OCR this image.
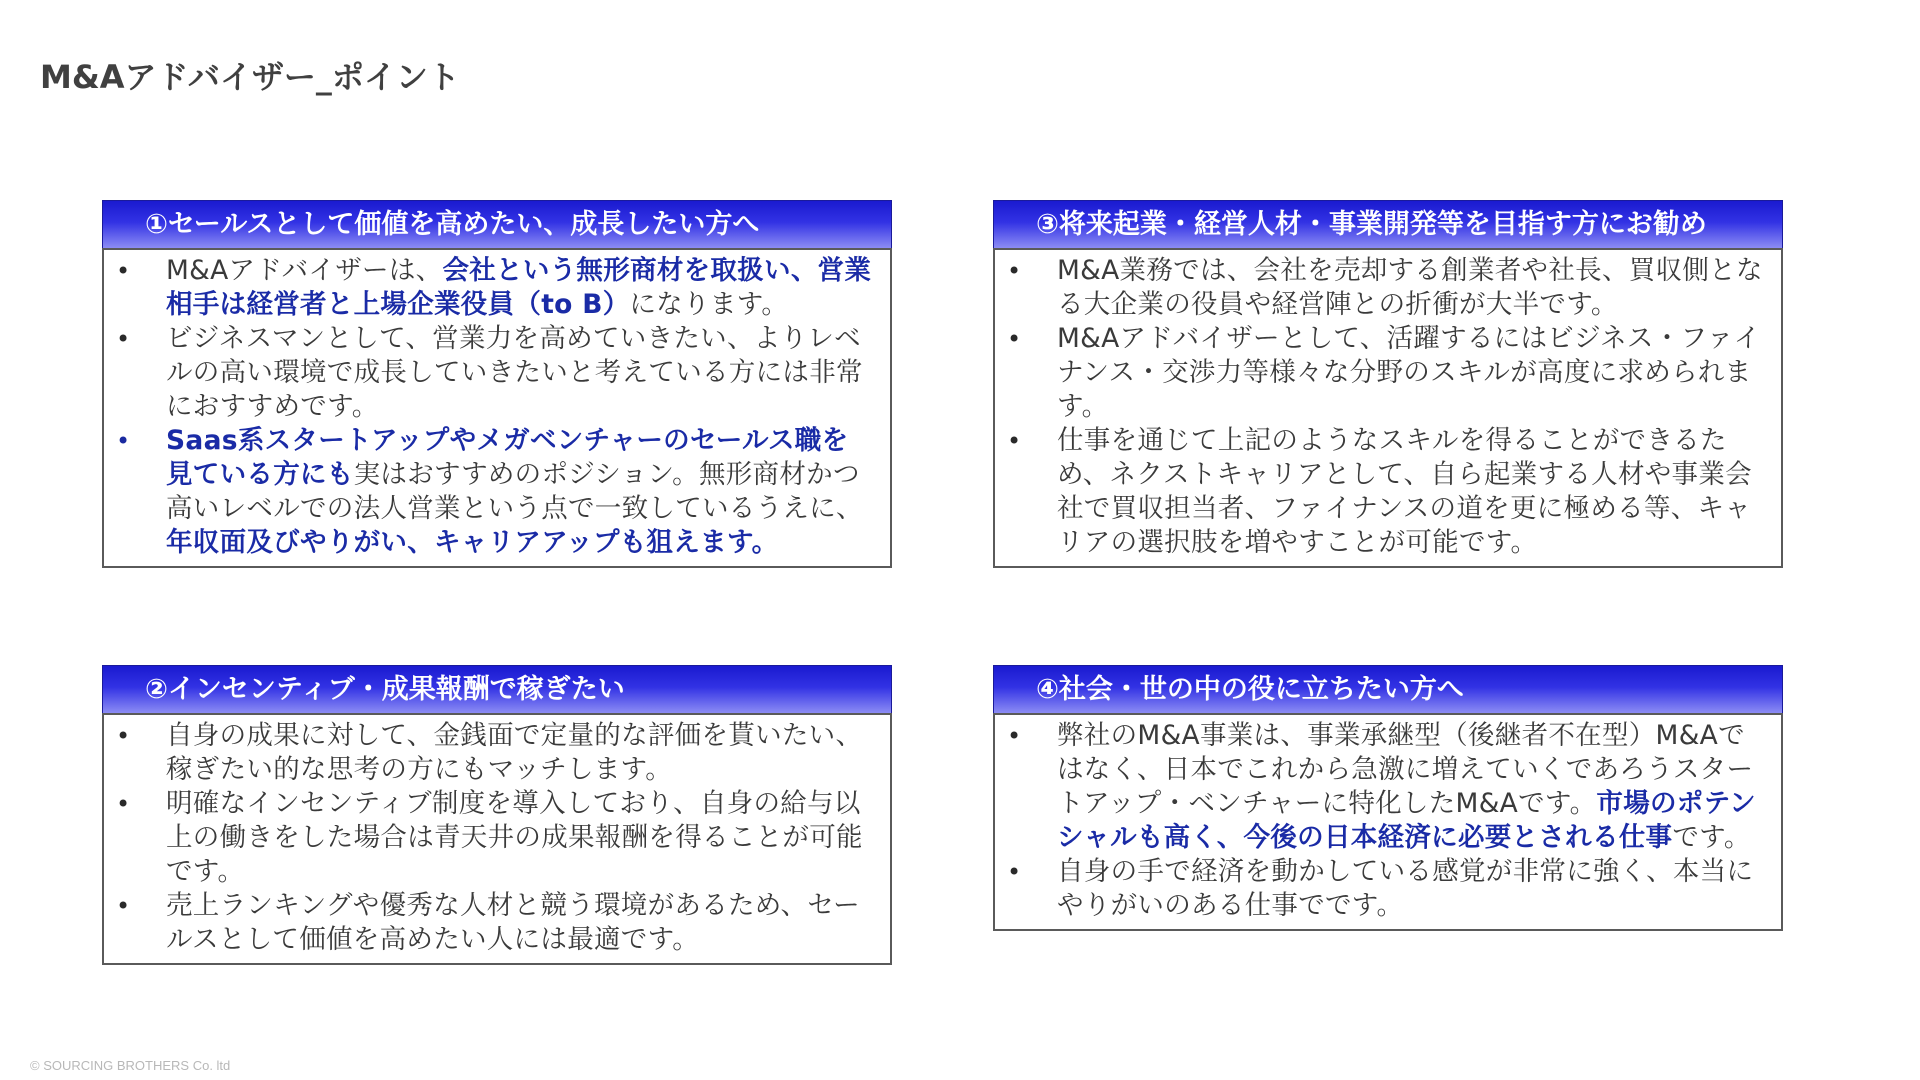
M&Aアドバイザー_ポイント
①セールスとして価値を高めたい、成長したい方へ
• M&Aアドバイザーは、会社という無形商材を取扱い、営業相手は経営者と上場企業役員（to B）になります。
• ビジネスマンとして、営業力を高めていきたい、よりレベルの高い環境で成長していきたいと考えている方には非常におすすめです。
• Saas系スタートアップやメガベンチャーのセールス職を見ている方にも実はおすすめのポジション。無形商材かつ高いレベルでの法人営業という点で一致しているうえに、年収面及びやりがい、キャリアアップも狙えます。
③将来起業・経営人材・事業開発等を目指す方にお勧め
• M&A業務では、会社を売却する創業者や社長、買収側となる大企業の役員や経営陣との折衝が大半です。
• M&Aアドバイザーとして、活躍するにはビジネス・ファイナンス・交渉力等様々な分野のスキルが高度に求められます。
• 仕事を通じて上記のようなスキルを得ることができるため、ネクストキャリアとして、自ら起業する人材や事業会社で買収担当者、ファイナンスの道を更に極める等、キャリアの選択肢を増やすことが可能です。
②インセンティブ・成果報酬で稼ぎたい
• 自身の成果に対して、金銭面で定量的な評価を貰いたい、稼ぎたい的な思考の方にもマッチします。
• 明確なインセンティブ制度を導入しており、自身の給与以上の働きをした場合は青天井の成果報酬を得ることが可能です。
• 売上ランキングや優秀な人材と競う環境があるため、セールスとして価値を高めたい人には最適です。
④社会・世の中の役に立ちたい方へ
• 弊社のM&A事業は、事業承継型（後継者不在型）M&Aではなく、日本でこれから急激に増えていくであろうスタートアップ・ベンチャーに特化したM&Aです。市場のポテンシャルも高く、今後の日本経済に必要とされる仕事です。
• 自身の手で経済を動かしている感覚が非常に強く、本当にやりがいのある仕事でです。
© SOURCING BROTHERS Co. ltd
